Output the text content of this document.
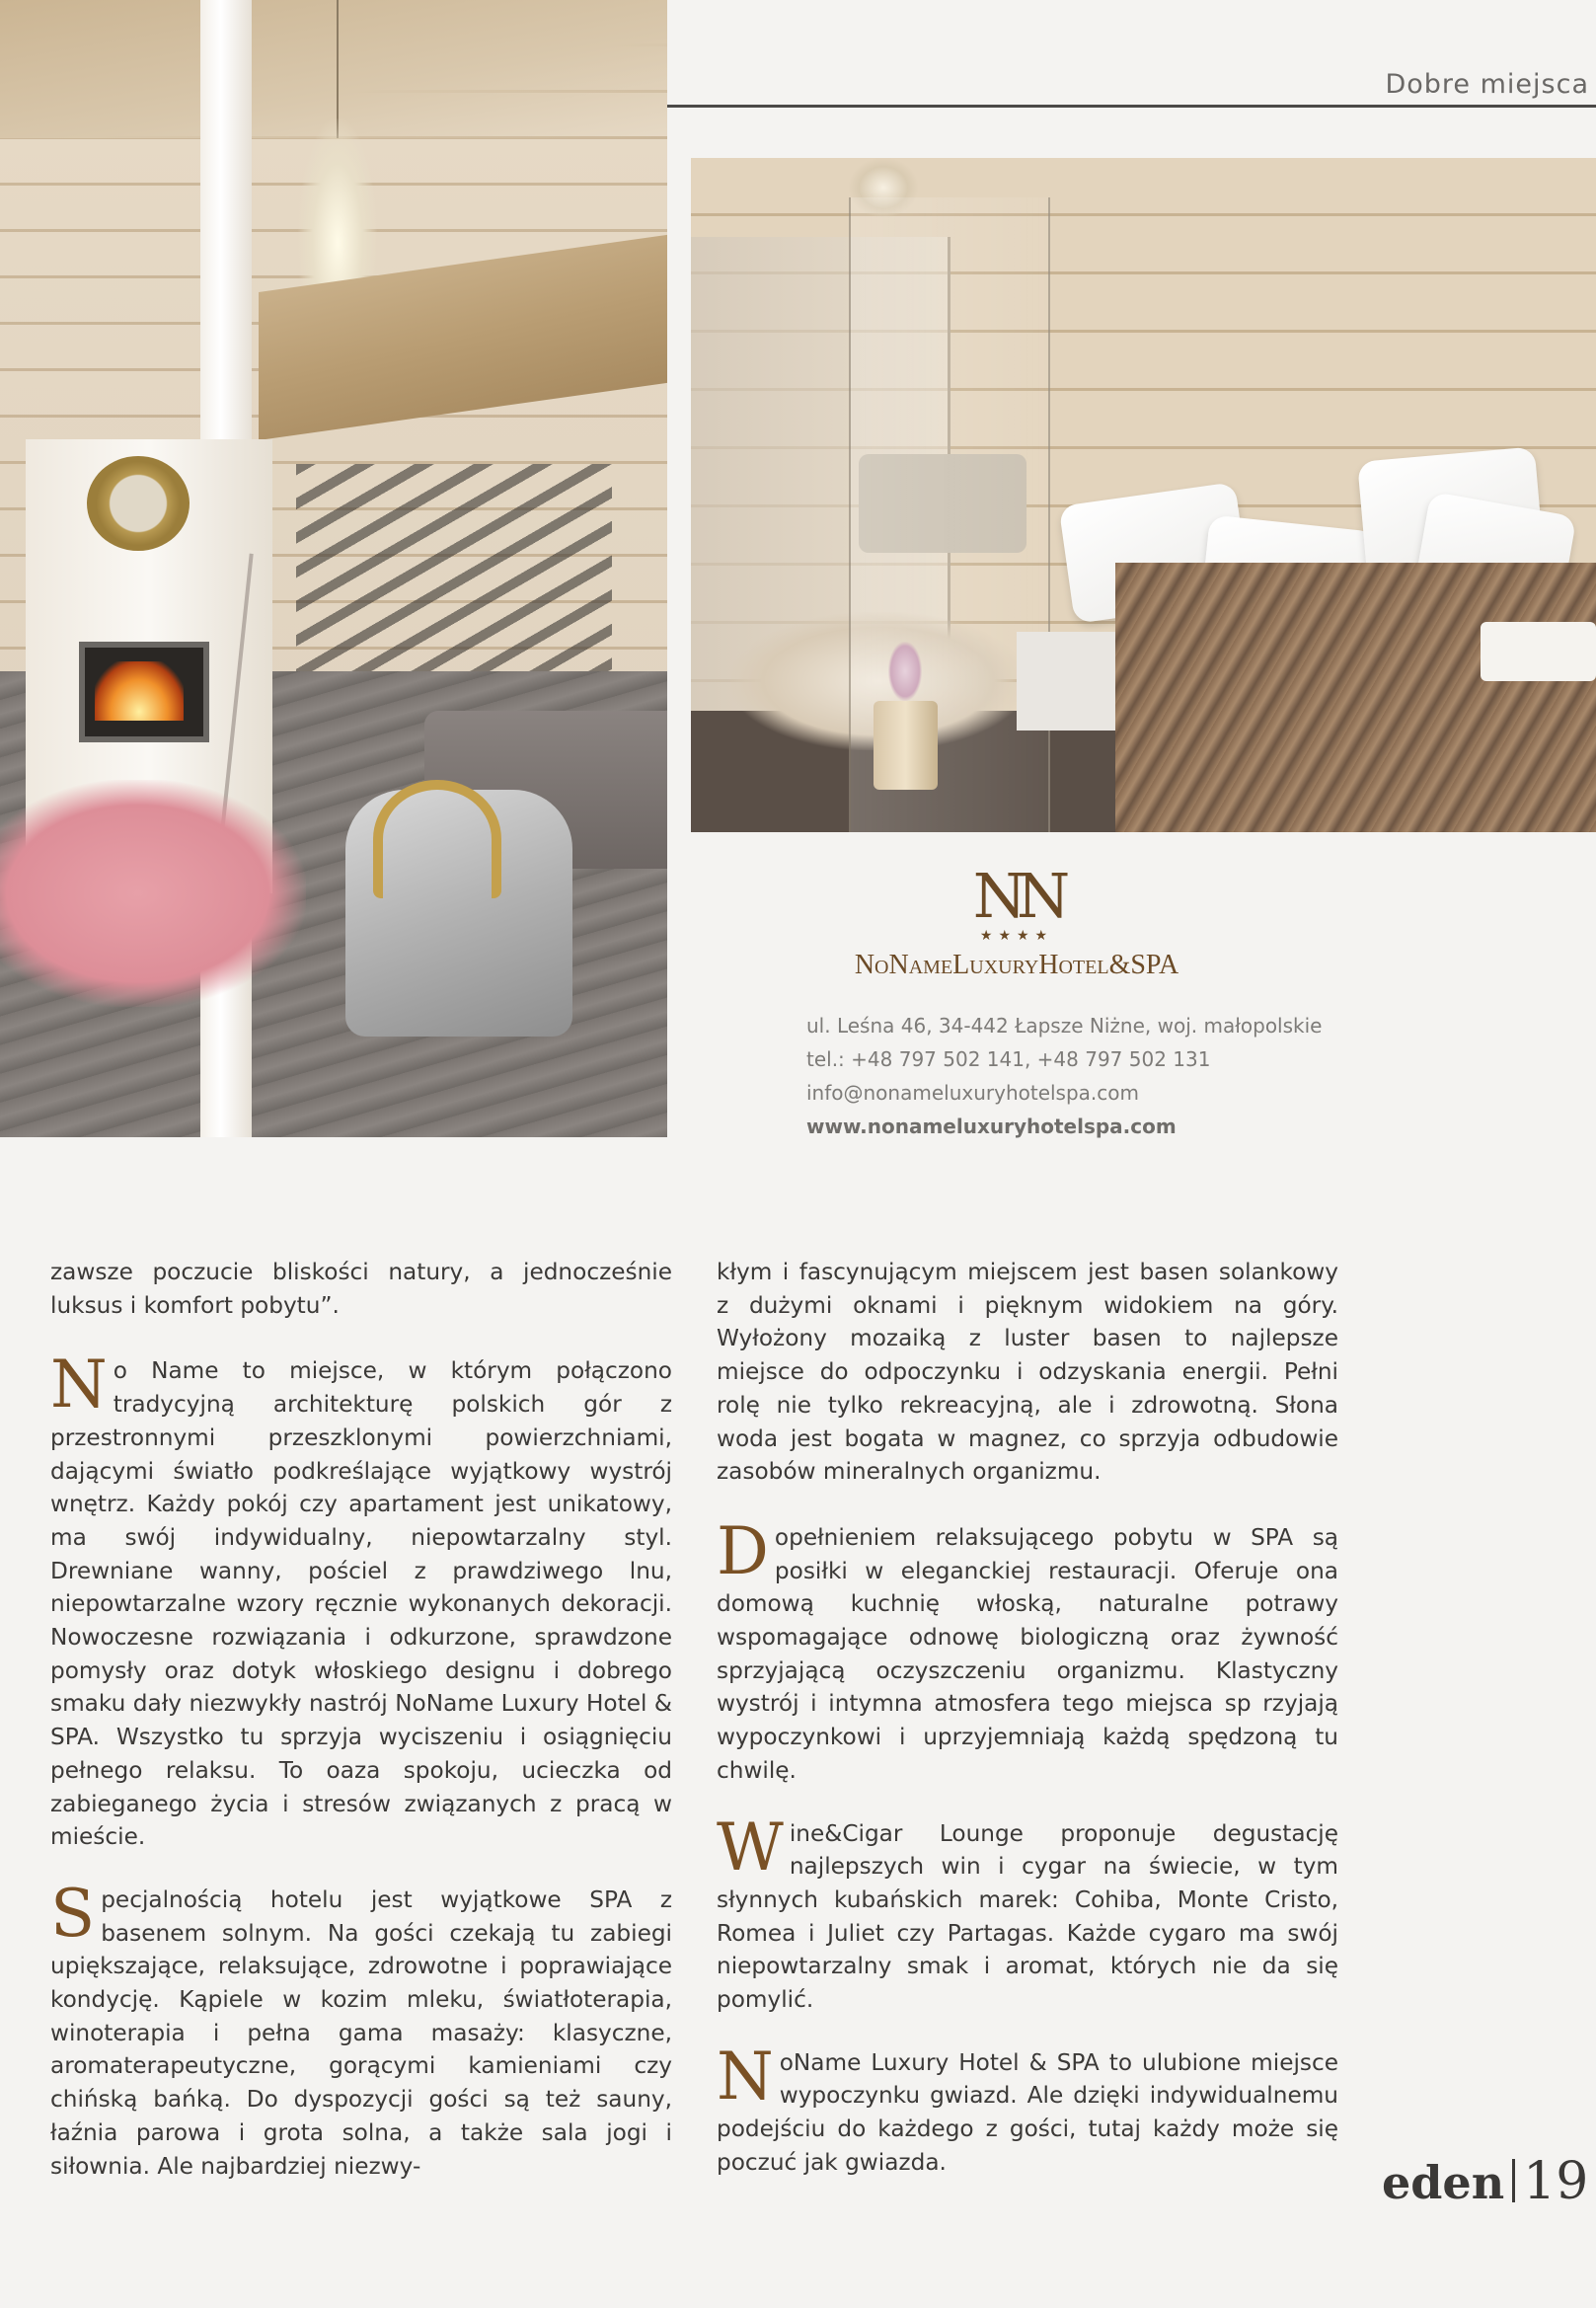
Dobre miejsca
NN
★★★★
NoNameLuxuryHotel&SPA
ul. Leśna 46, 34-442 Łapsze Niżne, woj. małopolskie
tel.: +48 797 502 141, +48 797 502 131
info@nonameluxuryhotelspa.com
www.nonameluxuryhotelspa.com

zawsze poczucie bliskości natury, a jednocześnie luksus i komfort pobytu”.

No Name to miejsce, w którym połączono tradycyjną architekturę polskich gór z przestronnymi przeszklonymi powierzchniami, dającymi światło podkreślające wyjątkowy wystrój wnętrz. Każdy pokój czy apartament jest unikatowy, ma swój indywidualny, niepowtarzalny styl. Drewniane wanny, pościel z prawdziwego lnu, niepowtarzalne wzory ręcznie wykonanych dekoracji. Nowoczesne rozwiązania i odkurzone, sprawdzone pomysły oraz dotyk włoskiego designu i dobrego smaku dały niezwykły nastrój NoName Luxury Hotel & SPA. Wszystko tu sprzyja wyciszeniu i osiągnięciu pełnego relaksu. To oaza spokoju, ucieczka od zabieganego życia i stresów związanych z pracą w mieście.

Specjalnością hotelu jest wyjątkowe SPA z basenem solnym. Na gości czekają tu zabiegi upiększające, relaksujące, zdrowotne i poprawiające kondycję. Kąpiele w kozim mleku, światłoterapia, winoterapia i pełna gama masaży: klasyczne, aromaterapeutyczne, gorącymi kamieniami czy chińską bańką. Do dyspozycji gości są też sauny, łaźnia parowa i grota solna, a także sala jogi i siłownia. Ale najbardziej niezwy-

kłym i fascynującym miejscem jest basen solankowy z dużymi oknami i pięknym widokiem na góry. Wyłożony mozaiką z luster basen to najlepsze miejsce do odpoczynku i odzyskania energii. Pełni rolę nie tylko rekreacyjną, ale i zdrowotną. Słona woda jest bogata w magnez, co sprzyja odbudowie zasobów mineralnych organizmu.

Dopełnieniem relaksującego pobytu w SPA są posiłki w eleganckiej restauracji. Oferuje ona domową kuchnię włoską, naturalne potrawy wspomagające odnowę biologiczną oraz żywność sprzyjającą oczyszczeniu organizmu. Klastyczny wystrój i intymna atmosfera tego miejsca sp rzyjają wypoczynkowi i uprzyjemniają każdą spędzoną tu chwilę.

Wine&Cigar Lounge proponuje degustację najlepszych win i cygar na świecie, w tym słynnych kubańskich marek: Cohiba, Monte Cristo, Romea i Juliet czy Partagas. Każde cygaro ma swój niepowtarzalny smak i aromat, których nie da się pomylić.

NoName Luxury Hotel & SPA to ulubione miejsce wypoczynku gwiazd. Ale dzięki indywidualnemu podejściu do każdego z gości, tutaj każdy może się poczuć jak gwiazda.	eden 19
